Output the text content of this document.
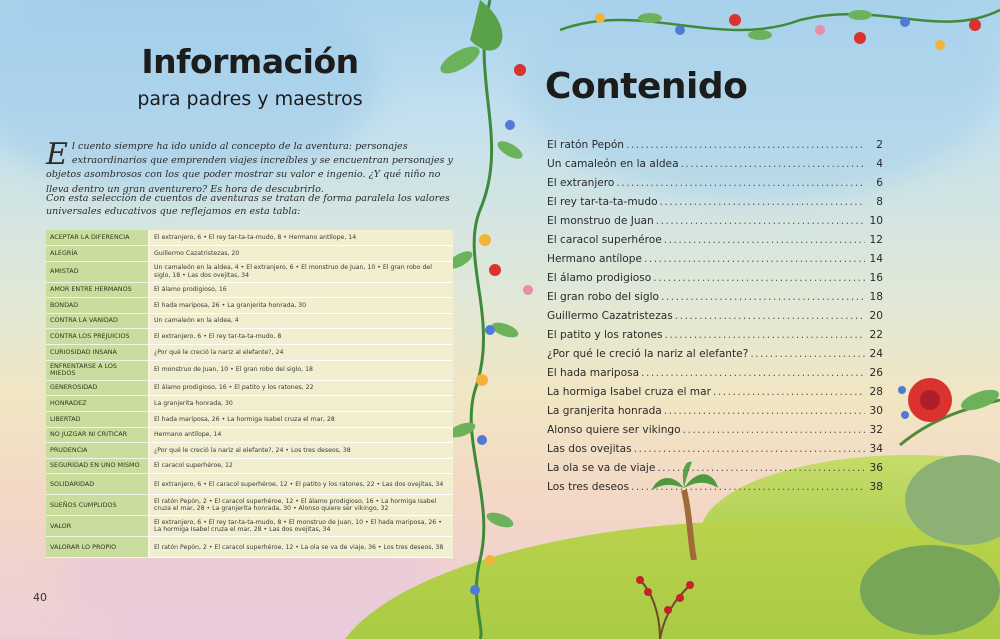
Información
para padres y maestros
El cuento siempre ha ido unido al concepto de la aventura: personajes extraordinarios que emprenden viajes increíbles y se encuentran personajes y objetos asombrosos con los que poder mostrar su valor e ingenio. ¿Y qué niño no lleva dentro un gran aventurero? Es hora de descubrirlo.
Con esta selección de cuentos de aventuras se tratan de forma paralela los valores universales educativos que reflejamos en esta tabla:
ACEPTAR LA DIFERENCIA	El extranjero, 6 • El rey tar-ta-ta-mudo, 8 • Hermano antílope, 14
ALEGRÍA	Guillermo Cazatristezas, 20
AMISTAD	Un camaleón en la aldea, 4 • El extranjero, 6 • El monstruo de Juan, 10 • El gran robo del siglo, 18 • Las dos ovejitas, 34
AMOR ENTRE HERMANOS	El álamo prodigioso, 16
BONDAD	El hada mariposa, 26 • La granjerita honrada, 30
CONTRA LA VANIDAD	Un camaleón en la aldea, 4
CONTRA LOS PREJUICIOS	El extranjero, 6 • El rey tar-ta-ta-mudo, 8
CURIOSIDAD INSANA	¿Por qué le creció la nariz al elefante?, 24
ENFRENTARSE A LOS MIEDOS	El monstruo de Juan, 10 • El gran robo del siglo, 18
GENEROSIDAD	El álamo prodigioso, 16 • El patito y los ratones, 22
HONRADEZ	La granjerita honrada, 30
LIBERTAD	El hada mariposa, 26 • La hormiga Isabel cruza el mar, 28
NO JUZGAR NI CRITICAR	Hermano antílope, 14
PRUDENCIA	¿Por qué le creció la nariz al elefante?, 24 • Los tres deseos, 38
SEGURIDAD EN UNO MISMO	El caracol superhéroe, 12
SOLIDARIDAD	El extranjero, 6 • El caracol superhéroe, 12 • El patito y los ratones, 22 • Las dos ovejitas, 34
SUEÑOS CUMPLIDOS	El ratón Pepón, 2 • El caracol superhéroe, 12 • El álamo prodigioso, 16 • La hormiga Isabel cruza el mar, 28 • La granjerita honrada, 30 • Alonso quiere ser vikingo, 32
VALOR	El extranjero, 6 • El rey tar-ta-ta-mudo, 8 • El monstruo de Juan, 10 • El hada mariposa, 26 • La hormiga Isabel cruza el mar, 28 • Las dos ovejitas, 34
VALORAR LO PROPIO	El ratón Pepón, 2 • El caracol superhéroe, 12 • La ola se va de viaje, 36 • Los tres deseos, 38
40
Contenido
El ratón Pepón .....	2
Un camaleón en la aldea .....	4
El extranjero .....	6
El rey tar-ta-ta-mudo .....	8
El monstruo de Juan .....	10
El caracol superhéroe .....	12
Hermano antílope .....	14
El álamo prodigioso .....	16
El gran robo del siglo .....	18
Guillermo Cazatristezas .....	20
El patito y los ratones .....	22
¿Por qué le creció la nariz al elefante? .....	24
El hada mariposa .....	26
La hormiga Isabel cruza el mar .....	28
La granjerita honrada .....	30
Alonso quiere ser vikingo .....	32
Las dos ovejitas .....	34
La ola se va de viaje .....	36
Los tres deseos .....	38
